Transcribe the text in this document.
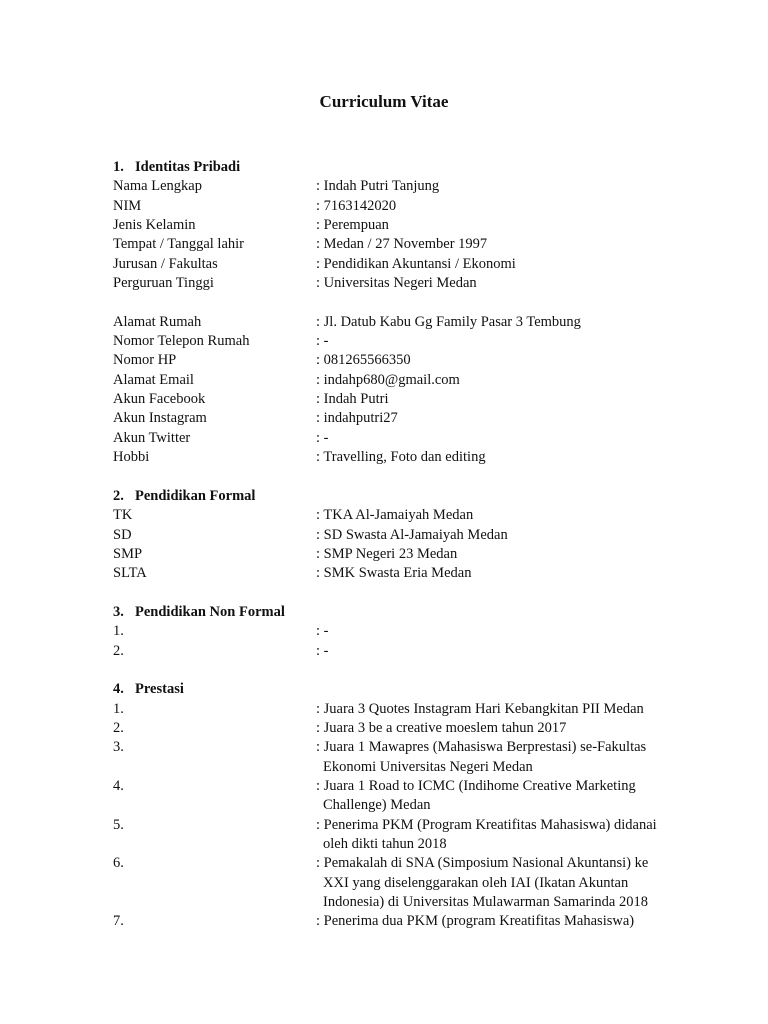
Curriculum Vitae
1. Identitas Pribadi
Nama Lengkap	: Indah Putri Tanjung
NIM	: 7163142020
Jenis Kelamin	: Perempuan
Tempat / Tanggal lahir	: Medan / 27 November 1997
Jurusan / Fakultas	: Pendidikan Akuntansi / Ekonomi
Perguruan Tinggi	: Universitas Negeri Medan
Alamat Rumah	: Jl. Datub Kabu Gg Family Pasar 3 Tembung
Nomor Telepon Rumah	: -
Nomor HP	: 081265566350
Alamat Email	: indahp680@gmail.com
Akun Facebook	: Indah Putri
Akun Instagram	: indahputri27
Akun Twitter	: -
Hobbi	: Travelling, Foto dan editing
2. Pendidikan Formal
TK	: TKA Al-Jamaiyah Medan
SD	: SD Swasta Al-Jamaiyah Medan
SMP	: SMP Negeri 23 Medan
SLTA	: SMK Swasta Eria Medan
3. Pendidikan Non Formal
1.	: -
2.	: -
4. Prestasi
1.	: Juara 3 Quotes Instagram Hari Kebangkitan PII Medan
2.	: Juara 3 be a creative moeslem tahun 2017
3.	: Juara 1 Mawapres (Mahasiswa Berprestasi) se-Fakultas
Ekonomi Universitas Negeri Medan
4.	: Juara 1 Road to ICMC (Indihome Creative Marketing
Challenge) Medan
5.	: Penerima PKM (Program Kreatifitas Mahasiswa) didanai
oleh dikti tahun 2018
6.	: Pemakalah di SNA (Simposium Nasional Akuntansi) ke
XXI yang diselenggarakan oleh IAI (Ikatan Akuntan
Indonesia) di Universitas Mulawarman Samarinda 2018
7.	: Penerima dua PKM (program Kreatifitas Mahasiswa)
